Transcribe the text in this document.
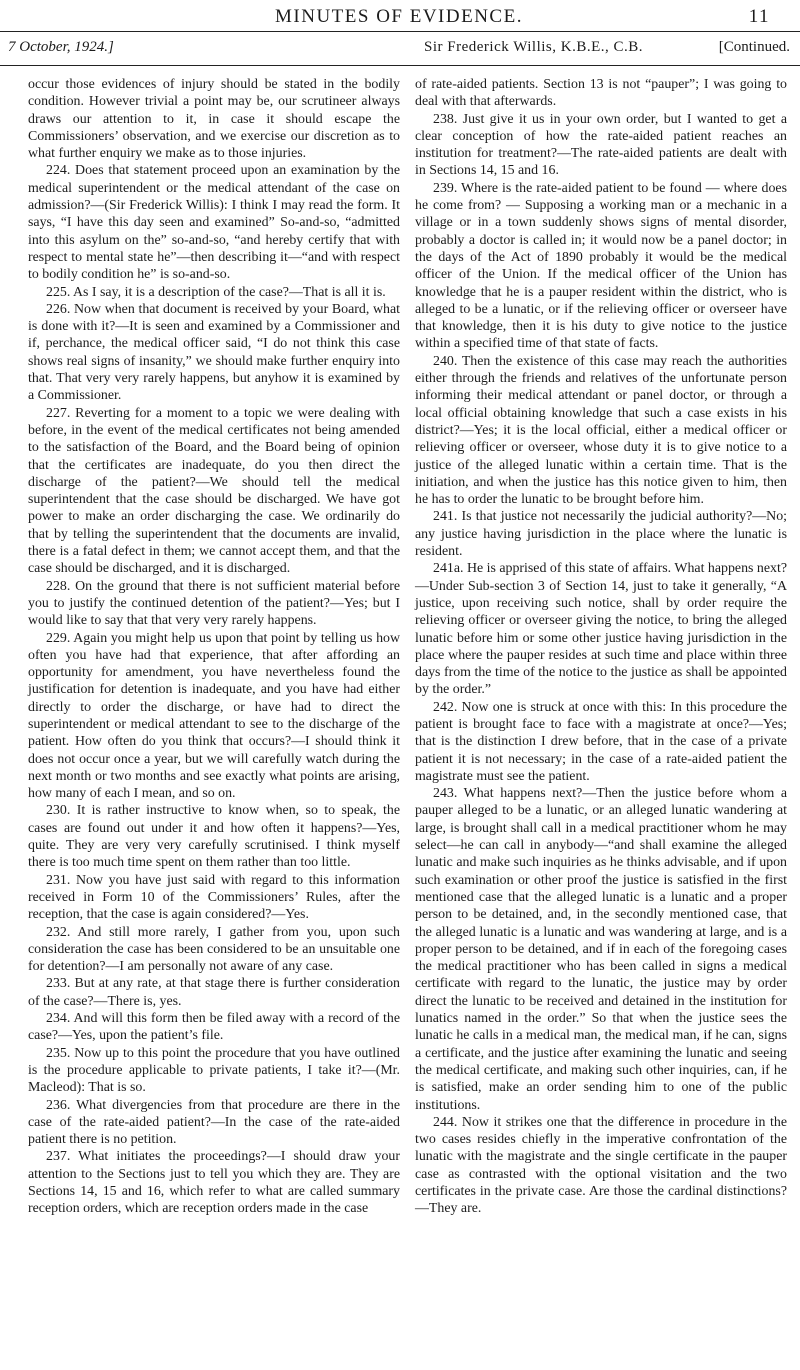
MINUTES OF EVIDENCE.	11
7 October, 1924.]	Sir Frederick Willis, K.B.E., C.B.	[Continued.

occur those evidences of injury should be stated in the bodily condition. However trivial a point may be, our scrutineer always draws our attention to it, in case it should escape the Commissioners’ observation, and we exercise our discretion as to what further enquiry we make as to those injuries.

224. Does that statement proceed upon an examination by the medical superintendent or the medical attendant of the case on admission?—(Sir Frederick Willis): I think I may read the form. It says, “I have this day seen and examined” So-and-so, “admitted into this asylum on the” so-and-so, “and hereby certify that with respect to mental state he”—then describing it—“and with respect to bodily condition he” is so-and-so.

225. As I say, it is a description of the case?—That is all it is.

226. Now when that document is received by your Board, what is done with it?—It is seen and examined by a Commissioner and if, perchance, the medical officer said, “I do not think this case shows real signs of insanity,” we should make further enquiry into that. That very very rarely happens, but anyhow it is examined by a Commissioner.

227. Reverting for a moment to a topic we were dealing with before, in the event of the medical certificates not being amended to the satisfaction of the Board, and the Board being of opinion that the certificates are inadequate, do you then direct the discharge of the patient?—We should tell the medical superintendent that the case should be discharged. We have got power to make an order discharging the case. We ordinarily do that by telling the superintendent that the documents are invalid, there is a fatal defect in them; we cannot accept them, and that the case should be discharged, and it is discharged.

228. On the ground that there is not sufficient material before you to justify the continued detention of the patient?—Yes; but I would like to say that that very very rarely happens.

229. Again you might help us upon that point by telling us how often you have had that experience, that after affording an opportunity for amendment, you have nevertheless found the justification for detention is inadequate, and you have had either directly to order the discharge, or have had to direct the superintendent or medical attendant to see to the discharge of the patient. How often do you think that occurs?—I should think it does not occur once a year, but we will carefully watch during the next month or two months and see exactly what points are arising, how many of each I mean, and so on.

230. It is rather instructive to know when, so to speak, the cases are found out under it and how often it happens?—Yes, quite. They are very very carefully scrutinised. I think myself there is too much time spent on them rather than too little.

231. Now you have just said with regard to this information received in Form 10 of the Commissioners’ Rules, after the reception, that the case is again considered?—Yes.

232. And still more rarely, I gather from you, upon such consideration the case has been considered to be an unsuitable one for detention?—I am personally not aware of any case.

233. But at any rate, at that stage there is further consideration of the case?—There is, yes.

234. And will this form then be filed away with a record of the case?—Yes, upon the patient’s file.

235. Now up to this point the procedure that you have outlined is the procedure applicable to private patients, I take it?—(Mr. Macleod): That is so.

236. What divergencies from that procedure are there in the case of the rate-aided patient?—In the case of the rate-aided patient there is no petition.

237. What initiates the proceedings?—I should draw your attention to the Sections just to tell you which they are. They are Sections 14, 15 and 16, which refer to what are called summary reception orders, which are reception orders made in the case

of rate-aided patients. Section 13 is not “pauper”; I was going to deal with that afterwards.

238. Just give it us in your own order, but I wanted to get a clear conception of how the rate-aided patient reaches an institution for treatment?—The rate-aided patients are dealt with in Sections 14, 15 and 16.

239. Where is the rate-aided patient to be found — where does he come from? — Supposing a working man or a mechanic in a village or in a town suddenly shows signs of mental disorder, probably a doctor is called in; it would now be a panel doctor; in the days of the Act of 1890 probably it would be the medical officer of the Union. If the medical officer of the Union has knowledge that he is a pauper resident within the district, who is alleged to be a lunatic, or if the relieving officer or overseer have that knowledge, then it is his duty to give notice to the justice within a specified time of that state of facts.

240. Then the existence of this case may reach the authorities either through the friends and relatives of the unfortunate person informing their medical attendant or panel doctor, or through a local official obtaining knowledge that such a case exists in his district?—Yes; it is the local official, either a medical officer or relieving officer or overseer, whose duty it is to give notice to a justice of the alleged lunatic within a certain time. That is the initiation, and when the justice has this notice given to him, then he has to order the lunatic to be brought before him.

241. Is that justice not necessarily the judicial authority?—No; any justice having jurisdiction in the place where the lunatic is resident.

241a. He is apprised of this state of affairs. What happens next?—Under Sub-section 3 of Section 14, just to take it generally, “A justice, upon receiving such notice, shall by order require the relieving officer or overseer giving the notice, to bring the alleged lunatic before him or some other justice having jurisdiction in the place where the pauper resides at such time and place within three days from the time of the notice to the justice as shall be appointed by the order.”

242. Now one is struck at once with this: In this procedure the patient is brought face to face with a magistrate at once?—Yes; that is the distinction I drew before, that in the case of a private patient it is not necessary; in the case of a rate-aided patient the magistrate must see the patient.

243. What happens next?—Then the justice before whom a pauper alleged to be a lunatic, or an alleged lunatic wandering at large, is brought shall call in a medical practitioner whom he may select—he can call in anybody—“and shall examine the alleged lunatic and make such inquiries as he thinks advisable, and if upon such examination or other proof the justice is satisfied in the first mentioned case that the alleged lunatic is a lunatic and a proper person to be detained, and, in the secondly mentioned case, that the alleged lunatic is a lunatic and was wandering at large, and is a proper person to be detained, and if in each of the foregoing cases the medical practitioner who has been called in signs a medical certificate with regard to the lunatic, the justice may by order direct the lunatic to be received and detained in the institution for lunatics named in the order.” So that when the justice sees the lunatic he calls in a medical man, the medical man, if he can, signs a certificate, and the justice after examining the lunatic and seeing the medical certificate, and making such other inquiries, can, if he is satisfied, make an order sending him to one of the public institutions.

244. Now it strikes one that the difference in procedure in the two cases resides chiefly in the imperative confrontation of the lunatic with the magistrate and the single certificate in the pauper case as contrasted with the optional visitation and the two certificates in the private case. Are those the cardinal distinctions?—They are.
